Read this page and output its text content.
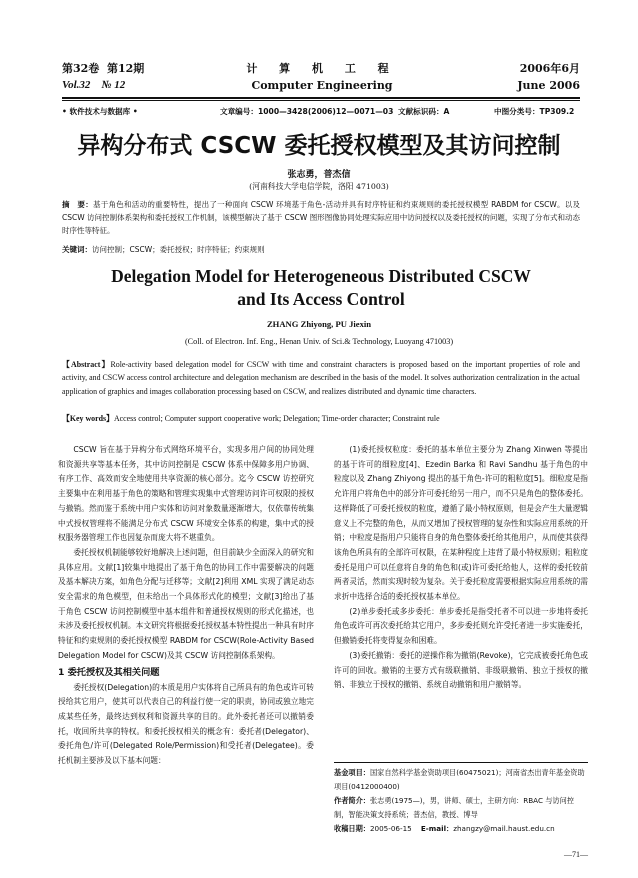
第32卷 第12期
Vol.32 № 12
计 算 机 工 程
Computer Engineering
2006年6月
June 2006
• 软件技术与数据库 •	文章编号：1000—3428(2006)12—0071—03 文献标识码：A	中图分类号：TP309.2
异构分布式 CSCW 委托授权模型及其访问控制
张志勇，普杰信
(河南科技大学电信学院，洛阳 471003)
摘　要：基于角色和活动的重要特性，提出了一种面向 CSCW 环境基于角色-活动并具有时序特征和约束规则的委托授权模型 RABDM for CSCW。以及 CSCW 访问控制体系架构和委托授权工作机制，该模型解决了基于 CSCW 图形图像协同处理实际应用中访问授权以及委托授权的问题，实现了分布式和动态时序性等特征。
关键词：访问控制；CSCW；委托授权；时序特征；约束规则
Delegation Model for Heterogeneous Distributed CSCW
and Its Access Control
ZHANG Zhiyong, PU Jiexin
(Coll. of Electron. Inf. Eng., Henan Univ. of Sci.& Technology, Luoyang 471003)
【Abstract】Role-activity based delegation model for CSCW with time and constraint characters is proposed based on the important properties of role and activity, and CSCW access control architecture and delegation mechanism are described in the basis of the model. It solves authorization centralization in the actual application of graphics and images collaboration processing based on CSCW, and realizes distributed and dynamic time characters.
【Key words】Access control; Computer support cooperative work; Delegation; Time-order character; Constraint rule

CSCW 旨在基于异构分布式网络环境平台，实现多用户间的协同处理和资源共享等基本任务，其中访问控制是 CSCW 体系中保障多用户协调、有序工作、高效而安全地使用共享资源的核心部分。迄今 CSCW 访控研究主要集中在利用基于角色的策略和管理实现集中式管理访问许可权限的授权与撤销。然而鉴于系统中用户实体和访问对象数量逐渐增大，仅依靠传统集中式授权管理将不能满足分布式 CSCW 环境安全体系的构建，集中式的授权服务器管理工作也因复杂而庞大将不堪重负。

委托授权机制能够较好地解决上述问题，但目前缺少全面深入的研究和具体应用。文献[1]较集中地提出了基于角色的协同工作中需要解决的问题及基本解决方案，如角色分配与迁移等；文献[2]利用 XML 实现了满足动态安全需求的角色模型，但未给出一个具体形式化的模型；文献[3]给出了基于角色 CSCW 访问控制模型中基本组件和普通授权规则的形式化描述，也未涉及委托授权机制。本文研究将根据委托授权基本特性提出一种具有时序特征和约束规则的委托授权模型 RABDM for CSCW(Role-Activity Based Delegation Model for CSCW)及其 CSCW 访问控制体系架构。

1 委托授权及其相关问题

委托授权(Delegation)的本质是用户实体将自己所具有的角色或许可转授给其它用户，使其可以代表自己的利益行使一定的职责，协同或独立地完成某些任务，最终达到权利和资源共享的目的。此外委托者还可以撤销委托，收回所共享的特权。和委托授权相关的概念有：委托者(Delegator)、委托角色/许可(Delegated Role/Permission)和受托者(Delegatee)。委托机制主要涉及以下基本问题：

(1)委托授权粒度：委托的基本单位主要分为 Zhang Xinwen 等提出的基于许可的细粒度[4]、Ezedin Barka 和 Ravi Sandhu 基于角色的中粒度以及 Zhang Zhiyong 提出的基于角色-许可的粗粒度[5]。细粒度是指允许用户将角色中的部分许可委托给另一用户，而不只是角色的整体委托。这样降低了可委托授权的粒度，遵循了最小特权原则，但是会产生大量逻辑意义上不完整的角色，从而又增加了授权管理的复杂性和实际应用系统的开销；中粒度是指用户只能将自身的角色整体委托给其他用户，从而使其获得该角色所具有的全部许可权限，在某种程度上违背了最小特权原则；粗粒度委托是用户可以任意将自身的角色和(或)许可委托给他人，这样的委托较前两者灵活，然而实现时较为复杂。关于委托粒度需要根据实际应用系统的需求折中选择合适的委托授权基本单位。

(2)单步委托或多步委托：单步委托是指受托者不可以进一步地将委托角色或许可再次委托给其它用户，多步委托则允许受托者进一步实施委托，但撤销委托将变得复杂和困难。

(3)委托撤销：委托的逆操作称为撤销(Revoke)，它完成被委托角色或许可的回收。撤销的主要方式有级联撤销、非级联撤销、独立于授权的撤销、非独立于授权的撤销、系统自动撤销和用户撤销等。

基金项目：国家自然科学基金资助项目(60475021)；河南省杰出青年基金资助项目(0412000400)
作者简介：张志勇(1975—)，男，讲师、硕士，主研方向：RBAC 与访问控制，智能决策支持系统；普杰信，教授、博导
收稿日期：2005-06-15 E-mail：zhangzy@mail.haust.edu.cn
—71—
